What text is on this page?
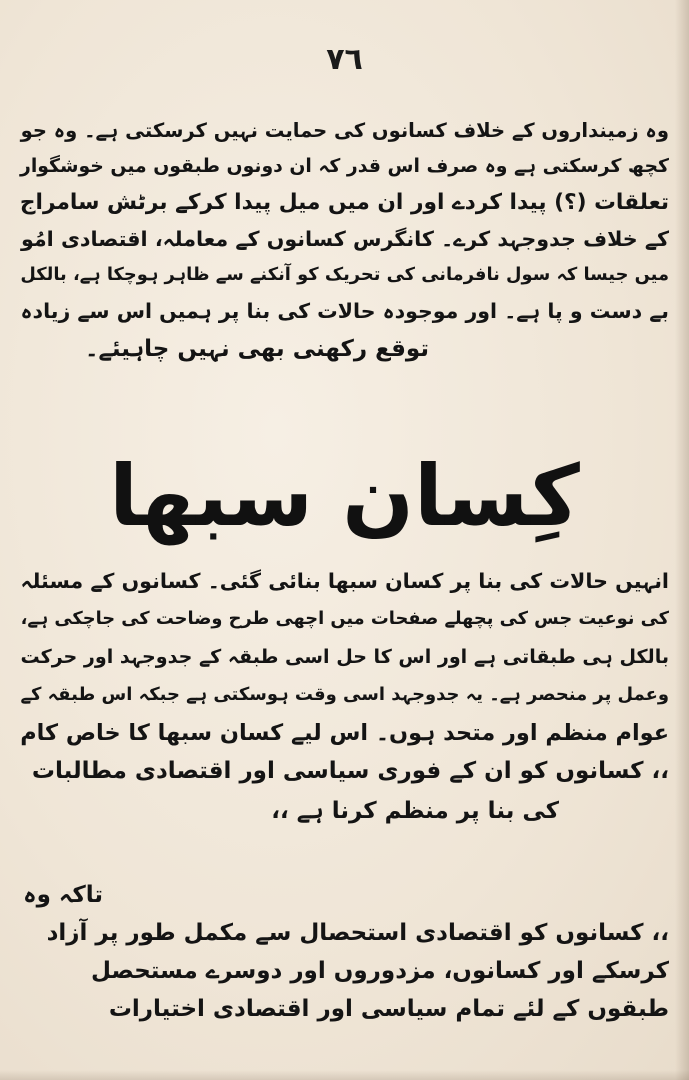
۷٦
وہ زمینداروں کے خلاف کسانوں کی حمایت نہیں کرسکتی ہے۔ وہ جو
کچھ کرسکتی ہے وہ صرف اس قدر کہ ان دونوں طبقوں میں خوشگوار
تعلقات (؟) پیدا کردے اور ان میں میل پیدا کرکے برٹش سامراج
کے خلاف جدوجہد کرے۔ کانگرس کسانوں کے معاملہ، اقتصادی امُو
میں جیسا کہ سول نافرمانی کی تحریک کو آنکنے سے ظاہر ہوچکا ہے، بالکل
بے دست و پا ہے۔ اور موجودہ حالات کی بنا پر ہمیں اس سے زیادہ
توقع رکھنی بھی نہیں چاہیئے۔
کِسان سبھا
انہیں حالات کی بنا پر کسان سبھا بنائی گئی۔ کسانوں کے مسئلہ
کی نوعیت جس کی پچھلے صفحات میں اچھی طرح وضاحت کی جاچکی ہے،
بالکل ہی طبقاتی ہے اور اس کا حل اسی طبقہ کے جدوجہد اور حرکت
وعمل پر منحصر ہے۔ یہ جدوجہد اسی وقت ہوسکتی ہے جبکہ اس طبقہ کے
عوام منظم اور متحد ہوں۔ اس لیے کسان سبھا کا خاص کام
،، کسانوں کو ان کے فوری سیاسی اور اقتصادی مطالبات
کی بنا پر منظم کرنا ہے ،،
تاکہ وہ
،، کسانوں کو اقتصادی استحصال سے مکمل طور پر آزاد
کرسکے اور کسانوں، مزدوروں اور دوسرے مستحصل
طبقوں کے لئے تمام سیاسی اور اقتصادی اختیارات
